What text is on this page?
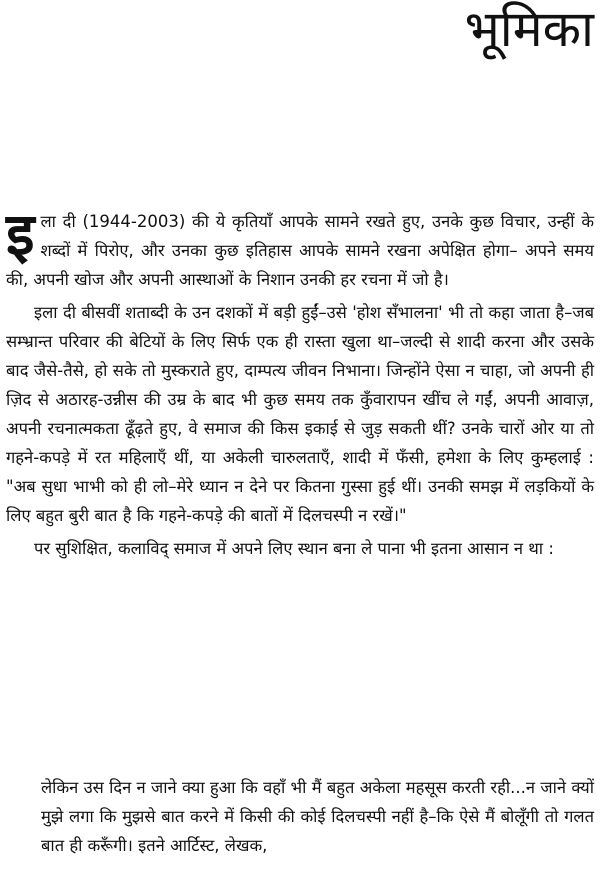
भूमिका

इला दी (1944-2003) की ये कृतियाँ आपके सामने रखते हुए, उनके कुछ विचार, उन्हीं के शब्दों में पिरोए, और उनका कुछ इतिहास आपके सामने रखना अपेक्षित होगा– अपने समय की, अपनी खोज और अपनी आस्थाओं के निशान उनकी हर रचना में जो है।

इला दी बीसवीं शताब्दी के उन दशकों में बड़ी हुईं–उसे 'होश सँभालना' भी तो कहा जाता है–जब सम्भ्रान्त परिवार की बेटियों के लिए सिर्फ एक ही रास्ता खुला था–जल्दी से शादी करना और उसके बाद जैसे-तैसे, हो सके तो मुस्कराते हुए, दाम्पत्य जीवन निभाना। जिन्होंने ऐसा न चाहा, जो अपनी ही ज़िद से अठारह-उन्नीस की उम्र के बाद भी कुछ समय तक कुँवारापन खींच ले गईं, अपनी आवाज़, अपनी रचनात्मकता ढूँढ़ते हुए, वे समाज की किस इकाई से जुड़ सकती थीं? उनके चारों ओर या तो गहने-कपड़े में रत महिलाएँ थीं, या अकेली चारुलताएँ, शादी में फँसी, हमेशा के लिए कुम्हलाई : "अब सुधा भाभी को ही लो–मेरे ध्यान न देने पर कितना गुस्सा हुई थीं। उनकी समझ में लड़कियों के लिए बहुत बुरी बात है कि गहने-कपड़े की बातों में दिलचस्पी न रखें।"

पर सुशिक्षित, कलाविद् समाज में अपने लिए स्थान बना ले पाना भी इतना आसान न था :

लेकिन उस दिन न जाने क्या हुआ कि वहाँ भी मैं बहुत अकेला महसूस करती रही...न जाने क्यों मुझे लगा कि मुझसे बात करने में किसी की कोई दिलचस्पी नहीं है–कि ऐसे मैं बोलूँगी तो गलत बात ही करूँगी। इतने आर्टिस्ट, लेखक,
